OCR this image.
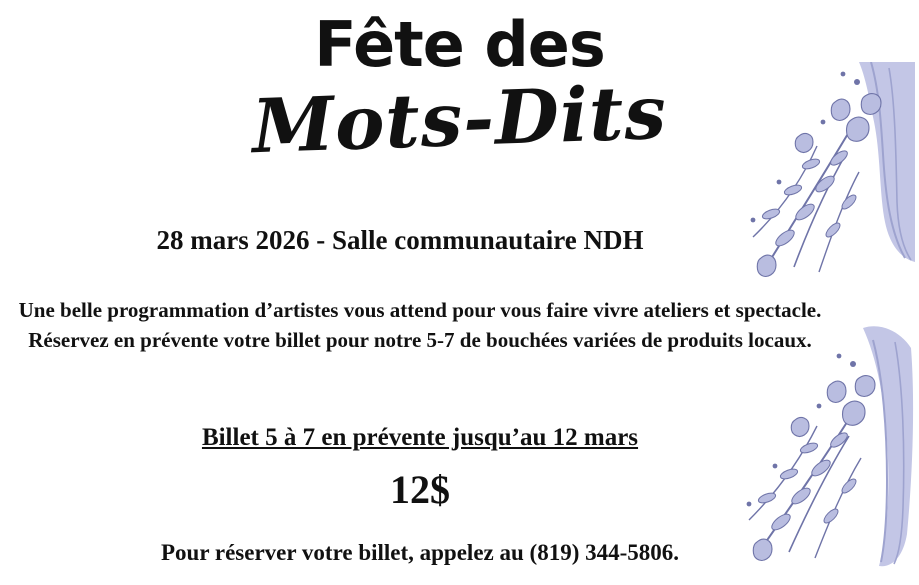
Fête des
Mots-Dits
28 mars 2026 - Salle communautaire NDH
Une belle programmation d’artistes vous attend pour vous faire vivre ateliers et spectacle. Réservez en prévente votre billet pour notre 5-7 de bouchées variées de produits locaux.
Billet 5 à 7 en prévente jusqu’au 12 mars
12$
Pour réserver votre billet, appelez au (819) 344-5806.
